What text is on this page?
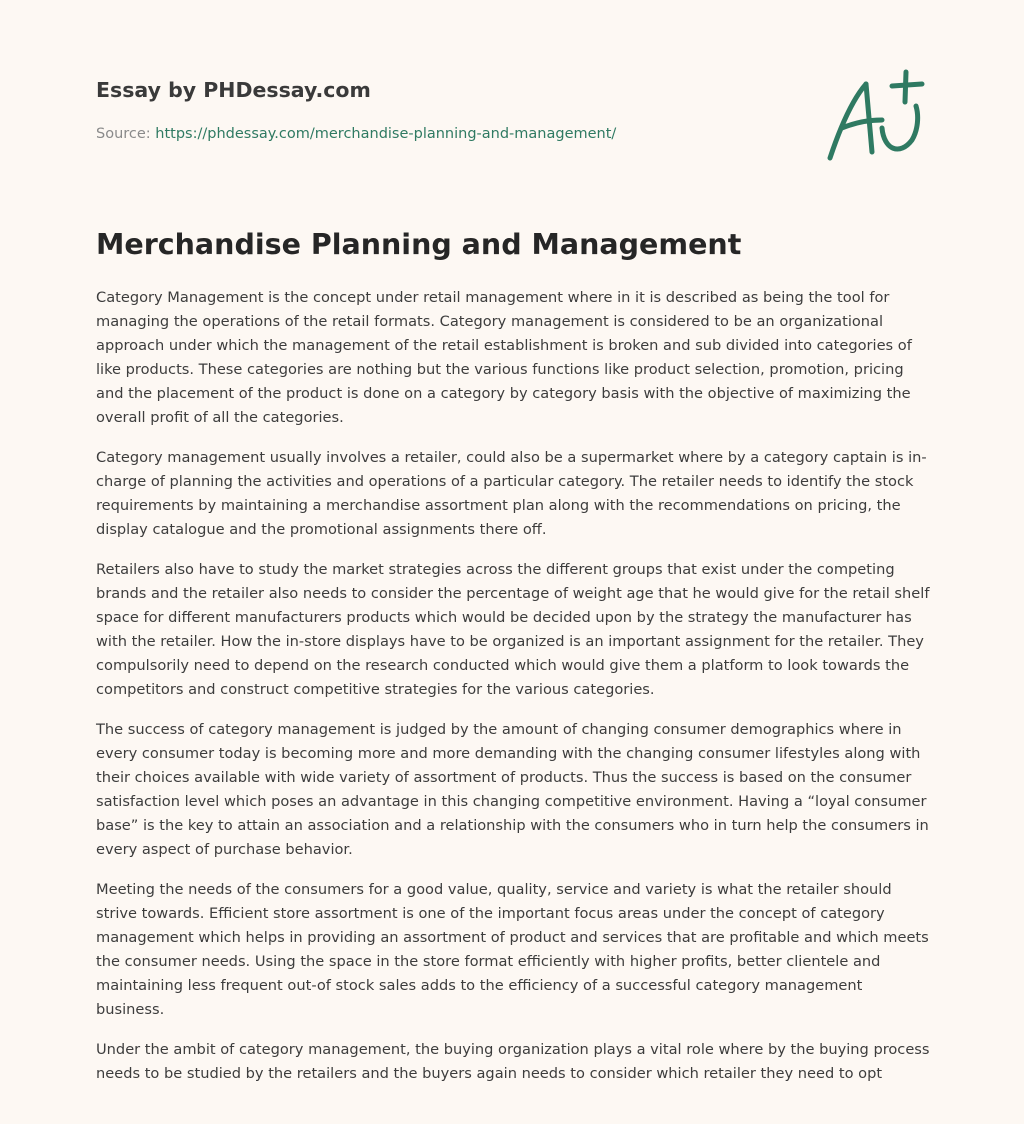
Essay by PHDessay.com

Source: https://phdessay.com/merchandise-planning-and-management/

Merchandise Planning and Management

Category Management is the concept under retail management where in it is described as being the tool for managing the operations of the retail formats. Category management is considered to be an organizational approach under which the management of the retail establishment is broken and sub divided into categories of like products. These categories are nothing but the various functions like product selection, promotion, pricing and the placement of the product is done on a category by category basis with the objective of maximizing the overall profit of all the categories.

Category management usually involves a retailer, could also be a supermarket where by a category captain is in-charge of planning the activities and operations of a particular category. The retailer needs to identify the stock requirements by maintaining a merchandise assortment plan along with the recommendations on pricing, the display catalogue and the promotional assignments there off.

Retailers also have to study the market strategies across the different groups that exist under the competing brands and the retailer also needs to consider the percentage of weight age that he would give for the retail shelf space for different manufacturers products which would be decided upon by the strategy the manufacturer has with the retailer. How the in-store displays have to be organized is an important assignment for the retailer. They compulsorily need to depend on the research conducted which would give them a platform to look towards the competitors and construct competitive strategies for the various categories.

The success of category management is judged by the amount of changing consumer demographics where in every consumer today is becoming more and more demanding with the changing consumer lifestyles along with their choices available with wide variety of assortment of products. Thus the success is based on the consumer satisfaction level which poses an advantage in this changing competitive environment. Having a “loyal consumer base” is the key to attain an association and a relationship with the consumers who in turn help the consumers in every aspect of purchase behavior.

Meeting the needs of the consumers for a good value, quality, service and variety is what the retailer should strive towards. Efficient store assortment is one of the important focus areas under the concept of category management which helps in providing an assortment of product and services that are profitable and which meets the consumer needs. Using the space in the store format efficiently with higher profits, better clientele and maintaining less frequent out-of stock sales adds to the efficiency of a successful category management business.

Under the ambit of category management, the buying organization plays a vital role where by the buying process needs to be studied by the retailers and the buyers again needs to consider which retailer they need to opt
